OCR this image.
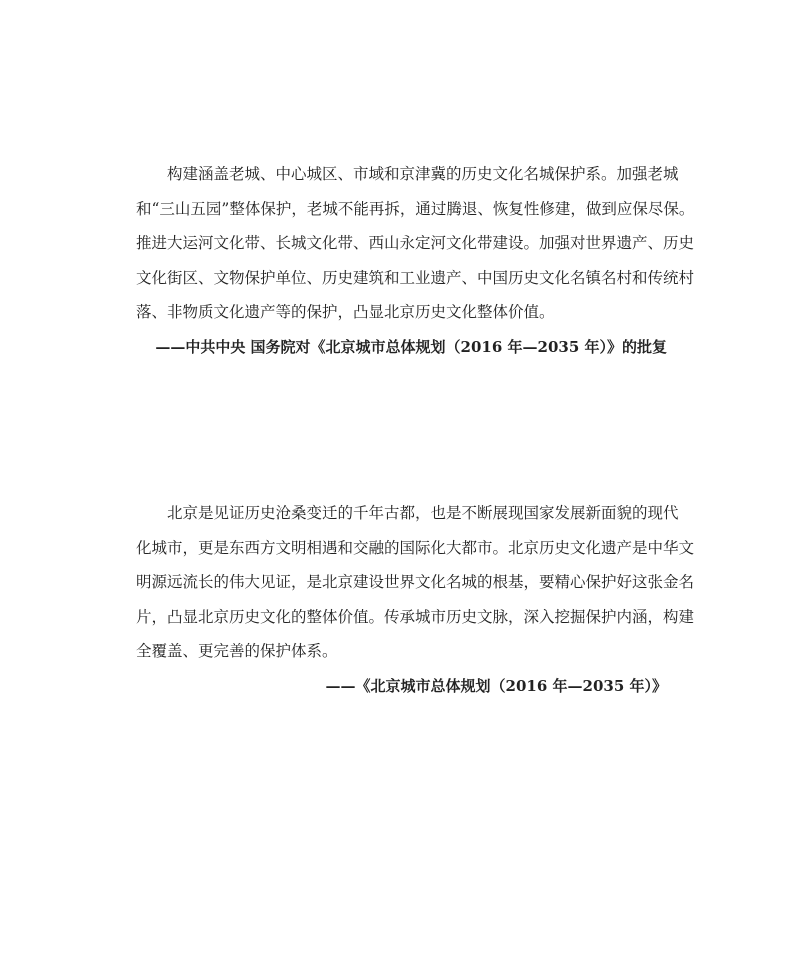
　　构建涵盖老城、中心城区、市域和京津冀的历史文化名城保护系。加强老城
和“三山五园”整体保护，老城不能再拆，通过腾退、恢复性修建，做到应保尽保。
推进大运河文化带、长城文化带、西山永定河文化带建设。加强对世界遗产、历史
文化街区、文物保护单位、历史建筑和工业遗产、中国历史文化名镇名村和传统村
落、非物质文化遗产等的保护，凸显北京历史文化整体价值。
——中共中央 国务院对《北京城市总体规划（2016 年—2035 年）》的批复
　　北京是见证历史沧桑变迁的千年古都，也是不断展现国家发展新面貌的现代
化城市，更是东西方文明相遇和交融的国际化大都市。北京历史文化遗产是中华文
明源远流长的伟大见证，是北京建设世界文化名城的根基，要精心保护好这张金名
片，凸显北京历史文化的整体价值。传承城市历史文脉，深入挖掘保护内涵，构建
全覆盖、更完善的保护体系。
——《北京城市总体规划（2016 年—2035 年）》
